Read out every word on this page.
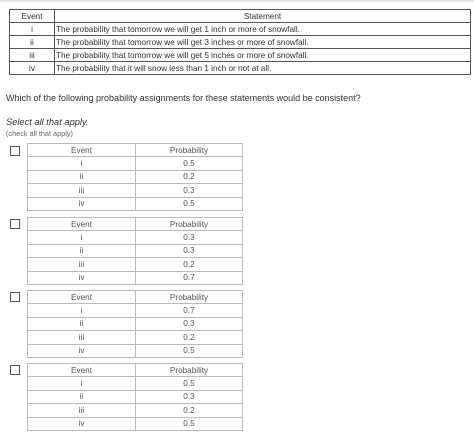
Event	Statement
i	The probability that tomorrow we will get 1 inch or more of snowfall.
ii	The probability that tomorrow we will get 3 inches or more of snowfall.
iii	The probability that tomorrow we will get 5 inches or more of snowfall.
iv	The probability that it will snow less than 1 inch or not at all.
Which of the following probability assignments for these statements would be consistent?
Select all that apply.
(check all that apply)
Event	Probability
i	0.5
ii	0.2
iii	0.3
iv	0.5
Event	Probability
i	0.3
ii	0.3
iii	0.2
iv	0.7
Event	Probability
i	0.7
ii	0.3
iii	0.2
iv	0.5
Event	Probability
i	0.5
ii	0.3
iii	0.2
iv	0.5
